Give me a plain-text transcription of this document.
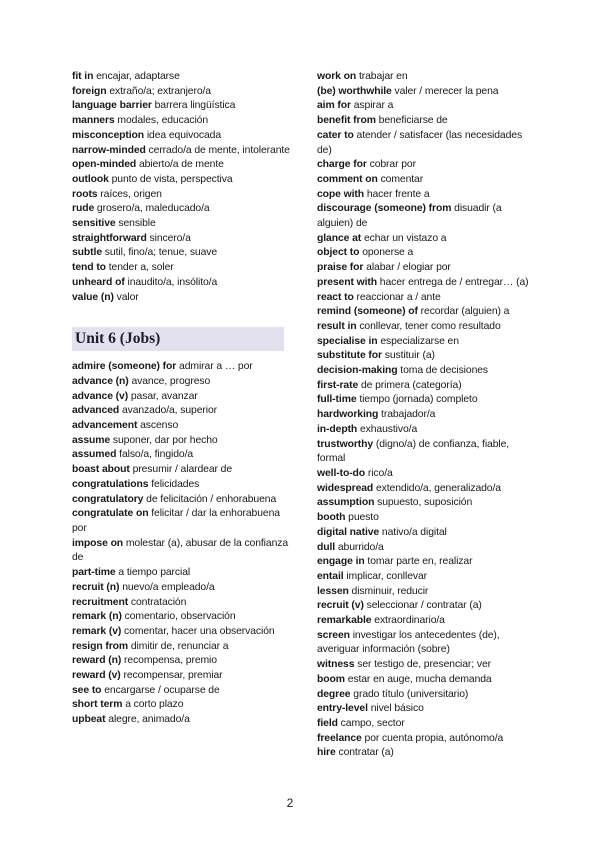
fit in encajar, adaptarse

foreign extraño/a; extranjero/a

language barrier barrera lingüística

manners modales, educación

misconception idea equivocada

narrow-minded cerrado/a de mente, intolerante

open-minded abierto/a de mente

outlook punto de vista, perspectiva

roots raíces, origen

rude grosero/a, maleducado/a

sensitive sensible

straightforward sincero/a

subtle sutil, fino/a; tenue, suave

tend to tender a, soler

unheard of inaudito/a, insólito/a

value (n) valor

Unit 6 (Jobs)

admire (someone) for admirar a … por

advance (n) avance, progreso

advance (v) pasar, avanzar

advanced avanzado/a, superior

advancement ascenso

assume suponer, dar por hecho

assumed falso/a, fingido/a

boast about presumir / alardear de

congratulations felicidades

congratulatory de felicitación / enhorabuena

congratulate on felicitar / dar la enhorabuena por

impose on molestar (a), abusar de la confianza de

part-time a tiempo parcial

recruit (n) nuevo/a empleado/a

recruitment contratación

remark (n) comentario, observación

remark (v) comentar, hacer una observación

resign from dimitir de, renunciar a

reward (n) recompensa, premio

reward (v) recompensar, premiar

see to encargarse / ocuparse de

short term a corto plazo

upbeat alegre, animado/a

work on trabajar en

(be) worthwhile valer / merecer la pena

aim for aspirar a

benefit from beneficiarse de

cater to atender / satisfacer (las necesidades de)

charge for cobrar por

comment on comentar

cope with hacer frente a

discourage (someone) from disuadir (a alguien) de

glance at echar un vistazo a

object to oponerse a

praise for alabar / elogiar por

present with hacer entrega de / entregar… (a)

react to reaccionar a / ante

remind (someone) of recordar (alguien) a

result in conllevar, tener como resultado

specialise in especializarse en

substitute for sustituir (a)

decision-making toma de decisiones

first-rate de primera (categoría)

full-time tiempo (jornada) completo

hardworking trabajador/a

in-depth exhaustivo/a

trustworthy (digno/a) de confianza, fiable, formal

well-to-do rico/a

widespread extendido/a, generalizado/a

assumption supuesto, suposición

booth puesto

digital native nativo/a digital

dull aburrido/a

engage in tomar parte en, realizar

entail implicar, conllevar

lessen disminuir, reducir

recruit (v) seleccionar / contratar (a)

remarkable extraordinario/a

screen investigar los antecedentes (de), averiguar información (sobre)

witness ser testigo de, presenciar; ver

boom estar en auge, mucha demanda

degree grado título (universitario)

entry-level nivel básico

field campo, sector

freelance por cuenta propia, autónomo/a

hire contratar (a)

2
